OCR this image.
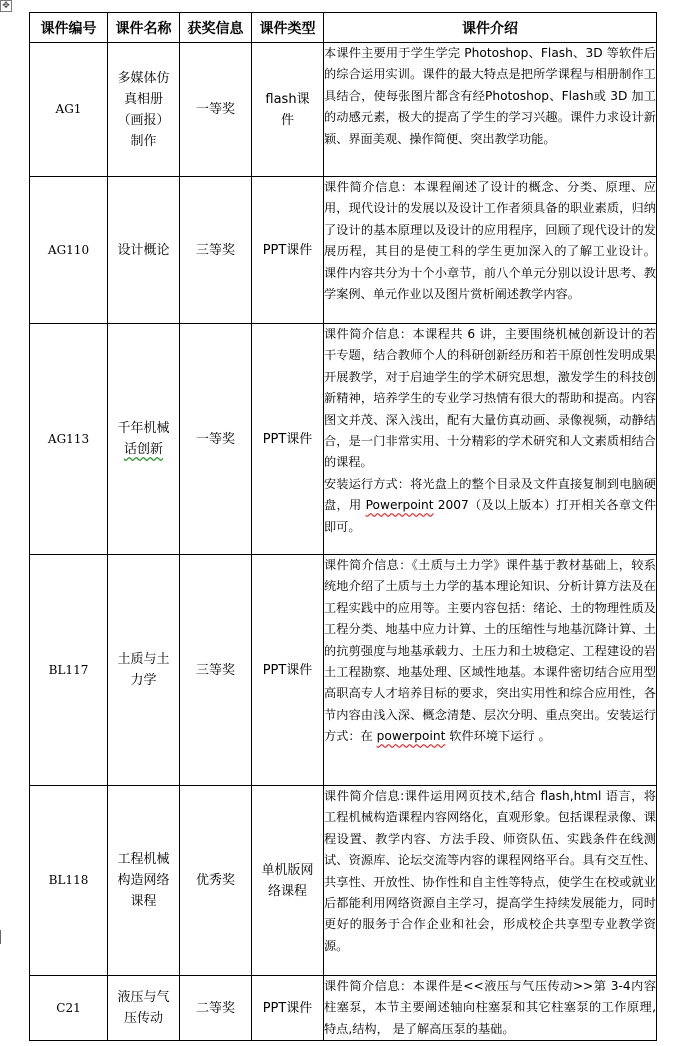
✥
课件编号	课件名称	获奖信息	课件类型	课件介绍
AG1	多媒体仿真相册（画报）制作	一等奖	flash课件	本课件主要用于学生学完 Photoshop、Flash、3D 等软件后的综合运用实训。课件的最大特点是把所学课程与相册制作工具结合，使每张图片都含有经Photoshop、Flash或 3D 加工的动感元素，极大的提高了学生的学习兴趣。课件力求设计新颖、界面美观、操作简便、突出教学功能。
AG110	设计概论	三等奖	PPT课件	课件简介信息：本课程阐述了设计的概念、分类、原理、应用，现代设计的发展以及设计工作者须具备的职业素质，归纳了设计的基本原理以及设计的应用程序，回顾了现代设计的发展历程，其目的是使工科的学生更加深入的了解工业设计。 课件内容共分为十个小章节，前八个单元分别以设计思考、教学案例、单元作业以及图片赏析阐述教学内容。
AG113	千年机械话创新	一等奖	PPT课件	课件简介信息：本课程共 6 讲，主要围绕机械创新设计的若干专题，结合教师个人的科研创新经历和若干原创性发明成果开展教学，对于启迪学生的学术研究思想，激发学生的科技创新精神，培养学生的专业学习热情有很大的帮助和提高。内容图文并茂、深入浅出，配有大量仿真动画、录像视频，动静结合，是一门非常实用、十分精彩的学术研究和人文素质相结合的课程。
安装运行方式：将光盘上的整个目录及文件直接复制到电脑硬盘，用 Powerpoint 2007（及以上版本）打开相关各章文件即可。

BL117	土质与土力学	三等奖	PPT课件	课件简介信息：《土质与土力学》课件基于教材基础上，较系统地介绍了土质与土力学的基本理论知识、分析计算方法及在工程实践中的应用等。主要内容包括：绪论、土的物理性质及工程分类、地基中应力计算、土的压缩性与地基沉降计算、土的抗剪强度与地基承载力、土压力和土坡稳定、工程建设的岩土工程勘察、地基处理、区域性地基。本课件密切结合应用型高职高专人才培养目标的要求，突出实用性和综合应用性，各节内容由浅入深、概念清楚、层次分明、重点突出。安装运行方式：在 powerpoint 软件环境下运行 。
BL118	工程机械构造网络课程	优秀奖	单机版网络课程	课件简介信息:课件运用网页技术,结合 flash,html 语言，将工程机械构造课程内容网络化，直观形象。包括课程录像、课程设置、教学内容、方法手段、师资队伍、实践条件在线测试、资源库、论坛交流等内容的课程网络平台。具有交互性、共享性、开放性、协作性和自主性等特点，使学生在校或就业后都能利用网络资源自主学习，提高学生持续发展能力，同时更好的服务于合作企业和社会，形成校企共享型专业教学资源。
C21	液压与气压传动	二等奖	PPT课件	课件简介信息：本课件是<<液压与气压传动>>第 3-4内容柱塞泵，本节主要阐述轴向柱塞泵和其它柱塞泵的工作原理,特点,结构， 是了解高压泵的基础。
